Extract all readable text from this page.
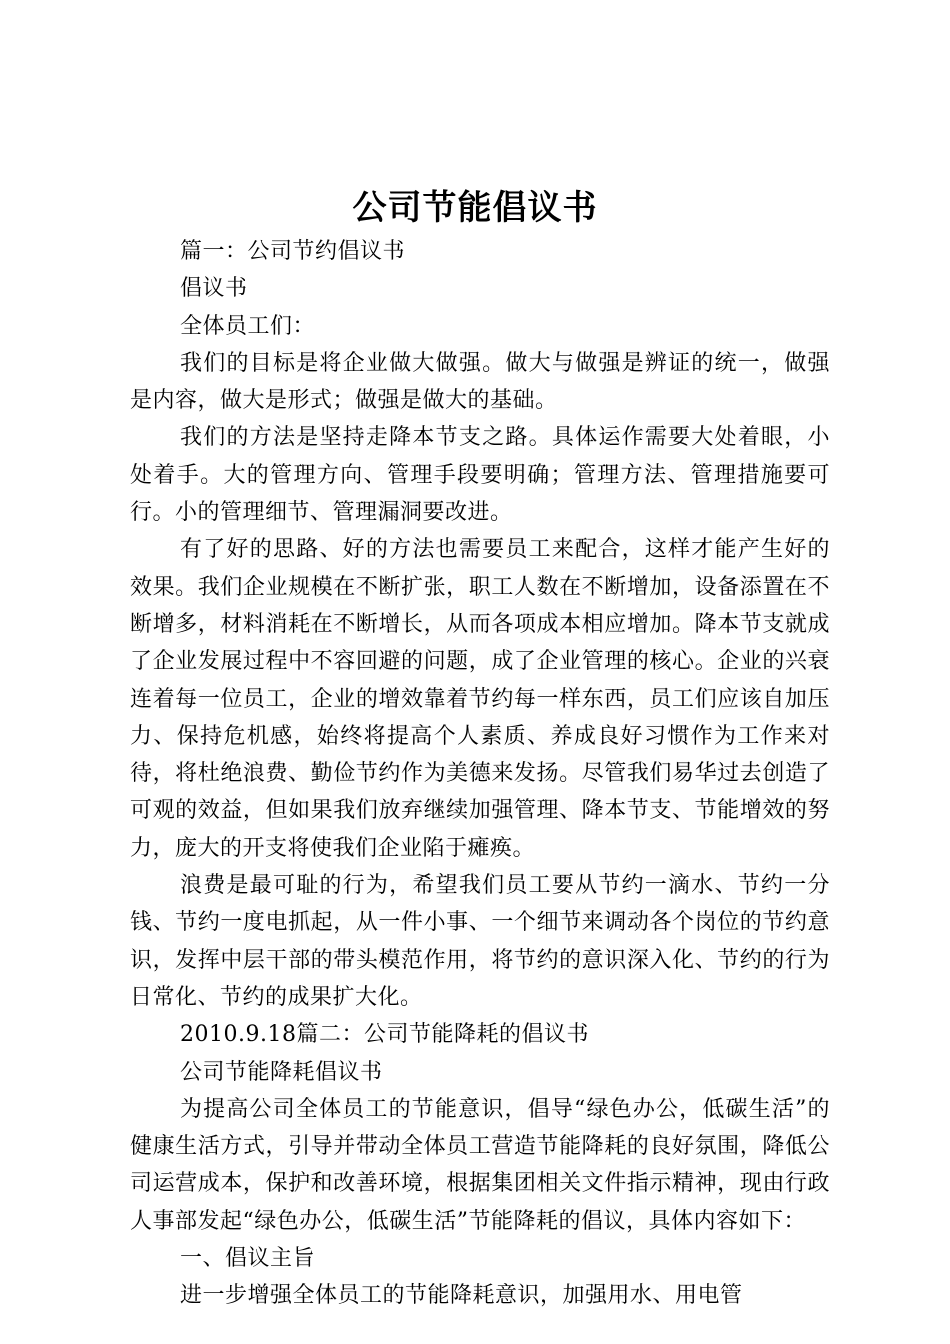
公司节能倡议书

篇一：公司节约倡议书

倡议书

全体员工们：

我们的目标是将企业做大做强。做大与做强是辨证的统一，做强是内容，做大是形式；做强是做大的基础。

我们的方法是坚持走降本节支之路。具体运作需要大处着眼，小处着手。大的管理方向、管理手段要明确；管理方法、管理措施要可行。小的管理细节、管理漏洞要改进。

有了好的思路、好的方法也需要员工来配合，这样才能产生好的效果。我们企业规模在不断扩张，职工人数在不断增加，设备添置在不断增多，材料消耗在不断增长，从而各项成本相应增加。降本节支就成了企业发展过程中不容回避的问题，成了企业管理的核心。企业的兴衰连着每一位员工，企业的增效靠着节约每一样东西，员工们应该自加压力、保持危机感，始终将提高个人素质、养成良好习惯作为工作来对待，将杜绝浪费、勤俭节约作为美德来发扬。尽管我们易华过去创造了可观的效益，但如果我们放弃继续加强管理、降本节支、节能增效的努力，庞大的开支将使我们企业陷于瘫痪。

浪费是最可耻的行为，希望我们员工要从节约一滴水、节约一分钱、节约一度电抓起，从一件小事、一个细节来调动各个岗位的节约意识，发挥中层干部的带头模范作用，将节约的意识深入化、节约的行为日常化、节约的成果扩大化。

2010.9.18篇二：公司节能降耗的倡议书

公司节能降耗倡议书

为提高公司全体员工的节能意识，倡导“绿色办公，低碳生活”的健康生活方式，引导并带动全体员工营造节能降耗的良好氛围，降低公司运营成本，保护和改善环境，根据集团相关文件指示精神，现由行政人事部发起“绿色办公，低碳生活”节能降耗的倡议，具体内容如下：

一、倡议主旨

进一步增强全体员工的节能降耗意识，加强用水、用电管
